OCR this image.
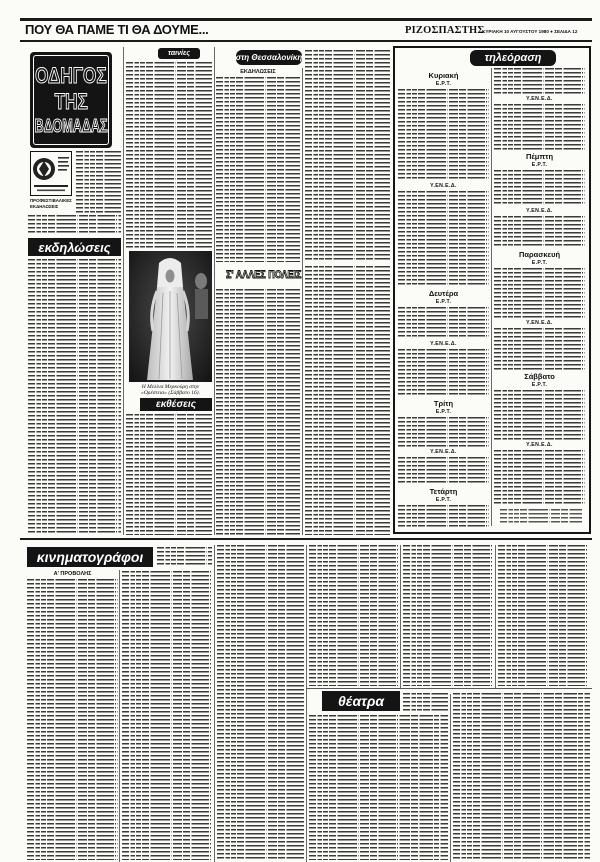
ΠΟΥ ΘΑ ΠΑΜΕ ΤΙ ΘΑ ΔΟΥΜΕ...	ΡΙΖΟΣΠΑΣΤΗΣ
ΚΥΡΙΑΚΗ 10 ΑΥΓΟΥΣΤΟΥ 1980 ● ΣΕΛΙΔΑ 12
ΟΔΗΓΟΣ
ΤΗΣ
ΒΔΟΜΑΔΑΣ
ΠΡΟΦΕΣΤΙΒΑΛΙΚΕΣ ΕΚΔΗΛΩΣΕΙΣ
εκδηλώσεις
ταινίες
Η Μελίνα Μερκούρη στην «Ορέστεια» (Σάββατο 16).
εκθέσεις
στη Θεσσαλονίκη
ΕΚΔΗΛΩΣΕΙΣ
Σ' ΑΛΛΕΣ ΠΟΛΕΙΣ
τηλεόραση
Κυριακή
Ε.Ρ.Τ.
Υ.ΕΝ.Ε.Δ.
Δευτέρα
Ε.Ρ.Τ.
Υ.ΕΝ.Ε.Δ.
Τρίτη
Ε.Ρ.Τ.
Υ.ΕΝ.Ε.Δ.
Τετάρτη
Ε.Ρ.Τ.
Υ.ΕΝ.Ε.Δ.
Πέμπτη
Ε.Ρ.Τ.
Υ.ΕΝ.Ε.Δ.
Παρασκευή
Ε.Ρ.Τ.
Υ.ΕΝ.Ε.Δ.
Σάββατο
Ε.Ρ.Τ.
Υ.ΕΝ.Ε.Δ.
κινηματογράφοι
Α' ΠΡΟΒΟΛΗΣ
θέατρα
